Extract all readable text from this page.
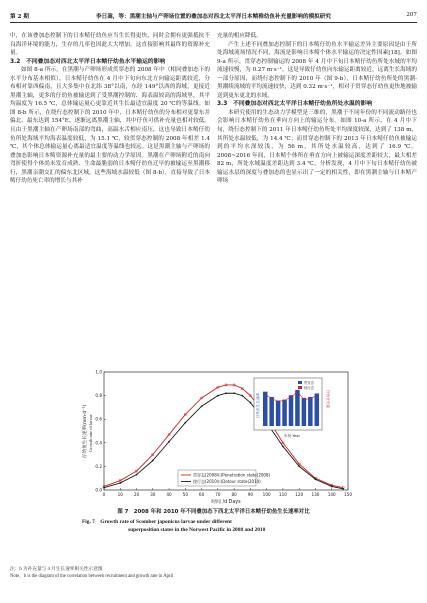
第 2 期	李日嵩，等：黑潮主轴与产卵场位置的叠加态对西北太平洋日本鲭稚幼鱼补充量影响的模拟研究	207

中，在该叠加态控制下的日本鲭仔幼鱼应当生长得更快，同时会拥有更强抵抗不良海洋环境的能力，生存的几率也因此大大增加，这直接影响其最终的资源补充量。

3.2　不同叠加态对西北太平洋日本鲭仔幼鱼水平输运的影响

如图 8-a 所示，在黑潮与产卵场形成贯穿态的 2008 年中（相同叠加态下的水平分布基本相似），日本鲭仔幼鱼在 4 月中下旬向东北方向输运距离较近，分布相对靠西偏南，且大多集中在北纬 38°以南，东经 149°以西的海域，更接近黑潮主轴，更多的仔幼鱼被输送到了受黑潮控制的、海表温较高的海域里，其平均温度为 16.5 ℃，总体输运量心更靠近其生长最适宜温度 20 ℃的等温线。如图 8-b 所示，在绕行态控制下的 2010 年中，日本鲭仔幼鱼的分布相对更靠东并偏北，最东达到 154°E，逐渐远离黑潮主轴，其中仔鱼可供补充量也相对较低。且由于黑潮主轴在产卵场南部的弯曲，高温水舌相应南压，这也导致日本鲭仔幼鱼所处海域平均海表温度较低，为 15.1 ℃，较贯穿态控制的 2008 年相差 1.4 ℃，其个体总体输运量心离最适宜温度等温线也较远。这是黑潮主轴与产卵场的叠加态影响日本鲭资源补充量的最主要的动力学原因。黑潮在产卵场附近的南向弯折使得个体尚未发育成熟、生命最脆弱的日本鲭仔幼鱼迁早的被输运至黑潮移行，黑潮亲潮交汇的偏东北区域，这些海域水温较低（图 8-b），直接导致了日本鲭仔幼鱼死亡率的增长与其补

充量的相应降低。

产生上述不同叠加态控制下的日本鲭仔幼鱼水平输运差异主要原因是由于所处海域流场情况不同，海流是影响日本鲭个体水平输运的决定性因素[18]。如图 9-a 所示，贯穿态控制输运的 2008 年 4 月中下旬日本鲭仔幼鱼所处水域的平均流速较慢，为 0.27 m·s⁻¹，这是导致仔幼鱼向东输运距离较近，远离生长海域的一部分原因，而绕行态控制下的 2010 年（图 9-b），日本鲭仔幼鱼所处的黑潮-黑潮续流域的平均流速较快，达到 0.32 m·s⁻¹，相对于贯穿态仔幼鱼更快地被输送到更东更北的水域。

3.3　不同叠加态对西北太平洋日本鲭仔幼鱼所处水温的影响

本研究使用的生态动力学模型是三维的，黑潮于不同年份的不同流动路径也会影响日本鲭仔幼鱼在垂向方向上的输运分布。如图 10-a 所示，在 4 月中下旬，绕行态控制下的 2011 年日本鲭仔幼鱼所处平均深度较深，达到了 138 m，其所处水温较低，为 14.4 ℃；而贯穿态控制下的 2013 年日本鲭仔幼鱼被输运到的平均水深较浅，为 56 m，其所处水温较高，达到了 16.9 ℃。2008~2016 年间，日本鲭个体所在垂直方向上被输运深度差距较大，最大相差 82 m，所处水域温度差距达到 3.4 ℃。分析发现，4 月中下旬日本鲭仔幼鱼被输运水层的深度与叠加态的也显示出了一定的相关性，即在黑潮主轴与日本鲭产卵场

0.0
0.2
0.4
0.6
0.8
1.0
0	10	20	30	40	50	60	70	80	90 100 110 120 130 140 150
仔幼鱼生长速率(mm·d⁻¹) Growth rate of larvae
时间 /d Days
贯穿态(2008年)Penetration state(2008)
绕行态(2010年)Detour state(2010)
仔幼鱼生长速率
年份 Year
仔鱼补充量
贯穿态
绕行态
图 7　2008 年和 2010 年不同叠加态下西北太平洋日本鲭仔幼鱼生长速率对比
Fig. 7　Growth rate of Scomber japonicus larvae under different
superposition states in the Norwest Pacific in 2008 and 2010
注：b 为补充量与 4 月生长速率相关性示意图
Note，b is the diagram of the correlation between recruitment and growth rate in April
